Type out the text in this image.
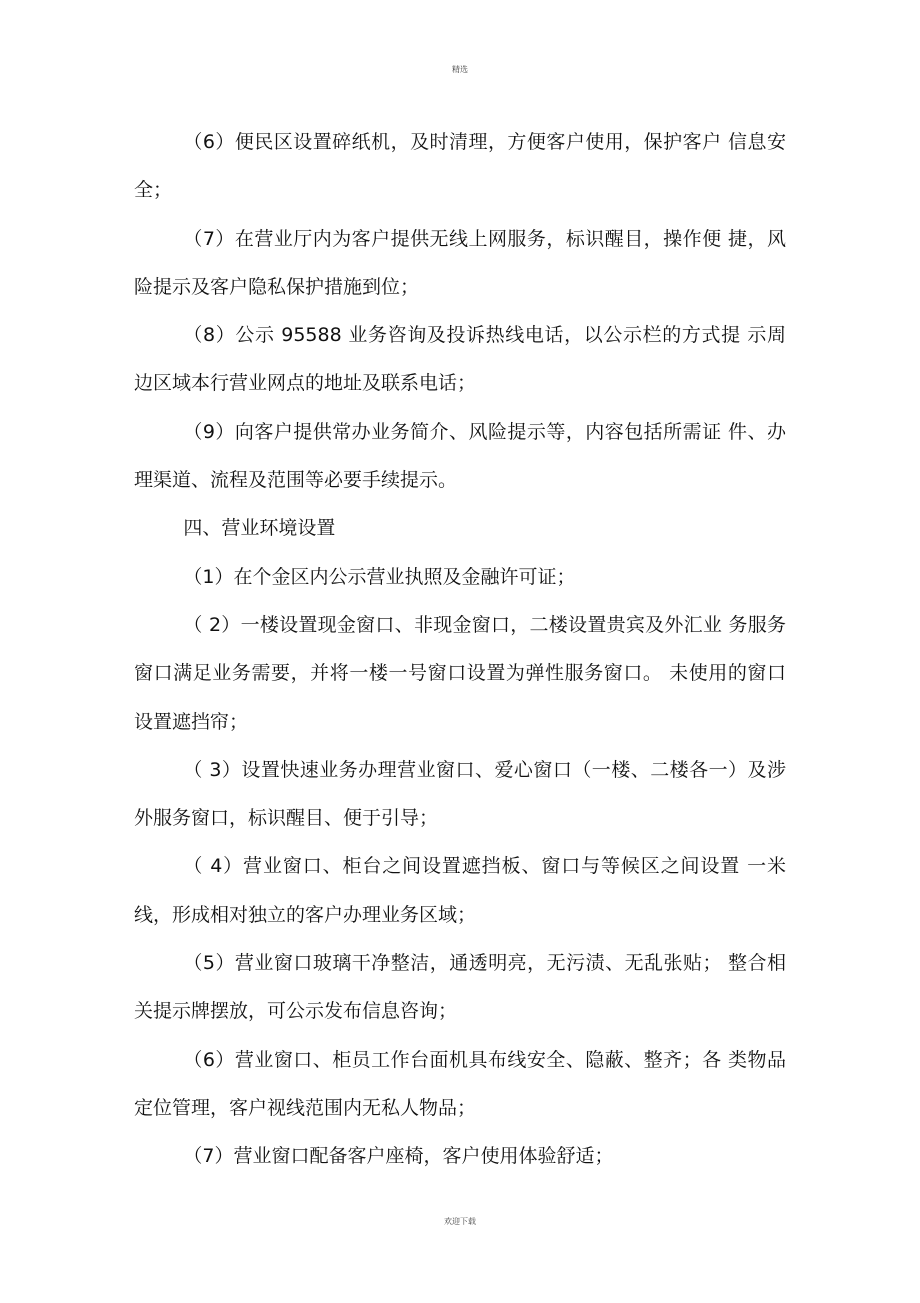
精选

（6）便民区设置碎纸机，及时清理，方便客户使用，保护客户 信息安全；

（7）在营业厅内为客户提供无线上网服务，标识醒目，操作便 捷，风险提示及客户隐私保护措施到位；

（8）公示 95588 业务咨询及投诉热线电话，以公示栏的方式提 示周边区域本行营业网点的地址及联系电话；

（9）向客户提供常办业务简介、风险提示等，内容包括所需证 件、办理渠道、流程及范围等必要手续提示。

四、营业环境设置

（1）在个金区内公示营业执照及金融许可证；

（ 2）一楼设置现金窗口、非现金窗口，二楼设置贵宾及外汇业 务服务窗口满足业务需要，并将一楼一号窗口设置为弹性服务窗口。 未使用的窗口设置遮挡帘；

（ 3）设置快速业务办理营业窗口、爱心窗口（一楼、二楼各一）及涉外服务窗口，标识醒目、便于引导；

（ 4）营业窗口、柜台之间设置遮挡板、窗口与等候区之间设置 一米线，形成相对独立的客户办理业务区域；

（5）营业窗口玻璃干净整洁，通透明亮，无污渍、无乱张贴； 整合相关提示牌摆放，可公示发布信息咨询；

（6）营业窗口、柜员工作台面机具布线安全、隐蔽、整齐；各 类物品定位管理，客户视线范围内无私人物品；

（7）营业窗口配备客户座椅，客户使用体验舒适；

欢迎下载
